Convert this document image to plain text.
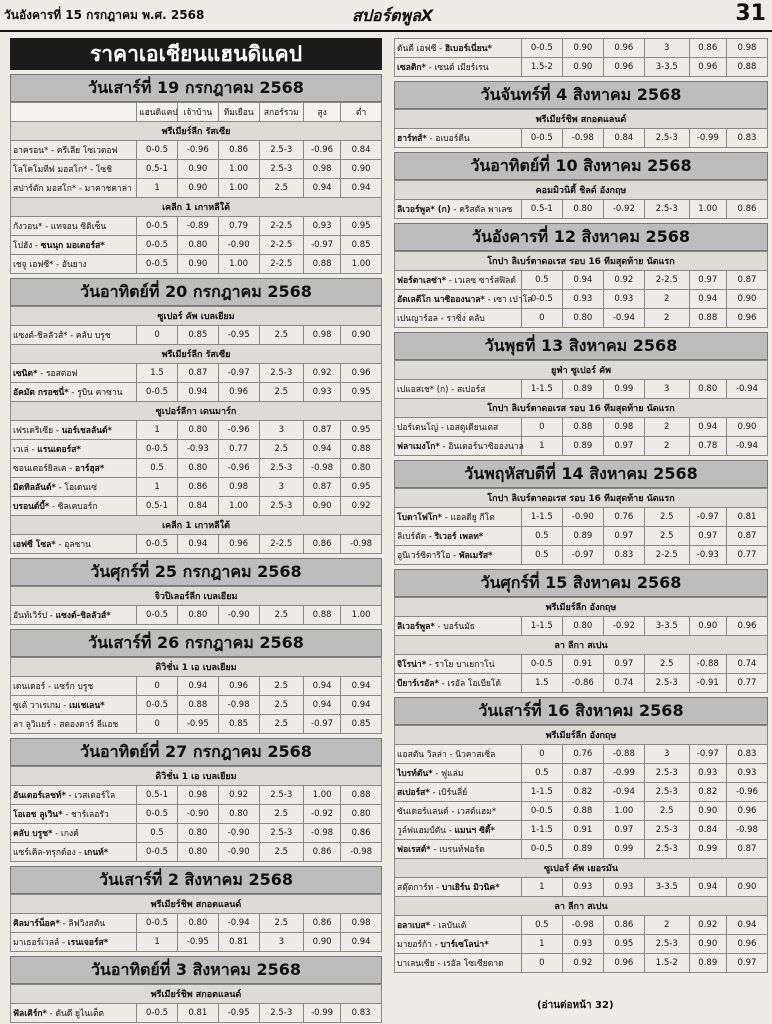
วันอังคารที่ 15 กรกฎาคม พ.ศ. 2568	สปอร์ตพูลX	31
ราคาเอเชียนแฮนดิแคป
วันเสาร์ที่ 19 กรกฎาคม 2568
	แฮนดิแคป	เจ้าบ้าน	ทีมเยือน	สกอร์รวม	สูง	ต่ำ
พรีเมียร์ลีก รัสเซีย						
อาครอน* - ครีเลีย โซเวตอฟ	0-0.5	-0.96	0.86	2.5-3	-0.96	0.84
โลโคโมทีฟ มอสโก* - โซชิ	0.5-1	0.90	1.00	2.5-3	0.98	0.90
สปาร์ตัก มอสโก* - มาคาชคาล่า	1	0.90	1.00	2.5	0.94	0.94
เคลีก 1 เกาหลีใต้						
กังวอน* - แทจอน ซิติเซ็น	0-0.5	-0.89	0.79	2-2.5	0.93	0.95
โปฮัง - ซนนุก มอเตอร์ส*	0-0.5	0.80	-0.90	2-2.5	-0.97	0.85
เชจู เอฟซี* - อันยาง	0-0.5	0.90	1.00	2-2.5	0.88	1.00
วันอาทิตย์ที่ 20 กรกฎาคม 2568
ซูเปอร์ คัพ เบลเยียม						
แซงต์-ชิลลัวส์* - คลับ บรูช	0	0.85	-0.95	2.5	0.98	0.90
พรีเมียร์ลีก รัสเซีย						
เซนิต* - รอสตอฟ	1.5	0.87	-0.97	2.5-3	0.92	0.96
อัคมัต กรอซนี่* - รูบิน คาซาน	0-0.5	0.94	0.96	2.5	0.93	0.95
ซูเปอร์ลีกา เดนมาร์ก						
เฟรเดริเซีย - นอร์เชลลันด์*	1	0.80	-0.96	3	0.87	0.95
เวเล่ - แรนเดอร์ส*	0-0.5	-0.93	0.77	2.5	0.94	0.88
ซอนเดอร์ยิลเค - อาร์ฮุส*	0.5	0.80	-0.96	2.5-3	-0.98	0.80
มิดทิลลันด์* - โอเดนเซ่	1	0.86	0.98	3	0.87	0.95
บรอนด์บี้* - ซิลเคบอร์ก	0.5-1	0.84	1.00	2.5-3	0.90	0.92
เคลีก 1 เกาหลีใต้						
เอฟซี โซล* - อุลซาน	0-0.5	0.94	0.96	2-2.5	0.86	-0.98
วันศุกร์ที่ 25 กรกฎาคม 2568
จิวปิเลอร์ลีก เบลเยียม
อันท์เวิร์ป - แซงต์-ชิลลัวส์*	0-0.5	0.80	-0.90	2.5	0.88	1.00
วันเสาร์ที่ 26 กรกฎาคม 2568
ดิวิชั่น 1 เอ เบลเยียม						
เดนเดอร์ - แซร์ก บรูช	0	0.94	0.96	2.5	0.94	0.94
ซูเต้ วาเรเกม - เมเชเลน*	0-0.5	0.88	-0.98	2.5	0.94	0.94
ลา ลูวิแยร์ - สตองดาร์ ลีแอช	0	-0.95	0.85	2.5	-0.97	0.85
วันอาทิตย์ที่ 27 กรกฎาคม 2568
ดิวิชั่น 1 เอ เบลเยียม						
อันเดอร์เลชท์* - เวสเตอร์โล	0.5-1	0.98	0.92	2.5-3	1.00	0.88
โอเอช ลูเวิน* - ชาร์เลอรัว	0-0.5	-0.90	0.80	2.5	-0.92	0.80
คลับ บรูช* - เกงค์	0.5	0.80	-0.90	2.5-3	-0.98	0.86
แซร์เคิล-ทรุกด์อง - เกนท์*	0-0.5	0.80	-0.90	2.5	0.86	-0.98
วันเสาร์ที่ 2 สิงหาคม 2568
พรีเมียร์ชิพ สกอตแลนด์						
คิลมาร์น็อค* - ลิฟวิงสตัน	0-0.5	0.80	-0.94	2.5	0.86	0.98
มาเธอร์เวลล์ - เรนเจอร์ส*	1	-0.95	0.81	3	0.90	0.94
วันอาทิตย์ที่ 3 สิงหาคม 2568
พรีเมียร์ชิพ สกอตแลนด์
ฟัลเคิร์ก* - ดันดี ยูไนเต็ด	0-0.5	0.81	-0.95	2.5-3	-0.99	0.83
ดันดี เอฟซี - ฮิเบอร์เนี่ยน*	0-0.5	0.90	0.96	3	0.86	0.98
เซลติก* - เซนต์ เมียร์เรน	1.5-2	0.90	0.96	3-3.5	0.96	0.88
วันจันทร์ที่ 4 สิงหาคม 2568
พรีเมียร์ชิพ สกอตแลนด์
ฮาร์ทส์* - อเบอร์ดีน	0-0.5	-0.98	0.84	2.5-3	-0.99	0.83
วันอาทิตย์ที่ 10 สิงหาคม 2568
คอมมิวนิตี้ ชิลด์ อังกฤษ
ลิเวอร์พูล* (ก) - คริสตัล พาเลซ	0.5-1	0.80	-0.92	2.5-3	1.00	0.86
วันอังคารที่ 12 สิงหาคม 2568
โกปา ลิเบร์ตาดอเรส รอบ 16 ทีมสุดท้าย นัดแรก						
ฟอร์ตาเลซ่า* - เวเลซ ซาร์สฟิลด์	0.5	0.94	0.92	2-2.5	0.97	0.87
อัตเลตีโก นาซิอองนาล* - เซา เปาโล	0-0.5	0.93	0.93	2	0.94	0.90
เปนญาร์อล - ราซิ่ง คลับ	0	0.80	-0.94	2	0.88	0.96
วันพุธที่ 13 สิงหาคม 2568
ยูฟ่า ซูเปอร์ คัพ						
เปแอสเช* (ก) - สเปอร์ส	1-1.5	0.89	0.99	3	0.80	-0.94
โกปา ลิเบร์ตาดอเรส รอบ 16 ทีมสุดท้าย นัดแรก						
ปอร์เตนโญ่ - เอสตูเดียนเตส	0	0.88	0.98	2	0.94	0.90
ฟลาเมงโก* - อินเตอร์นาซิอองนาล	1	0.89	0.97	2	0.78	-0.94
วันพฤหัสบดีที่ 14 สิงหาคม 2568
โกปา ลิเบร์ตาดอเรส รอบ 16 ทีมสุดท้าย นัดแรก						
โบตาโฟโก* - แอลดียู กีโต	1-1.5	-0.90	0.76	2.5	-0.97	0.81
ลิเบร์ตัด - ริเวอร์ เพลท*	0.5	0.89	0.97	2.5	0.97	0.87
อูนิเวร์ซิตาริโอ - พัลเมรัส*	0.5	-0.97	0.83	2-2.5	-0.93	0.77
วันศุกร์ที่ 15 สิงหาคม 2568
พรีเมียร์ลีก อังกฤษ						
ลิเวอร์พูล* - บอร์นมัธ	1-1.5	0.80	-0.92	3-3.5	0.90	0.96
ลา ลีกา สเปน						
จิโรน่า* - ราโย บาเยกาโน่	0-0.5	0.91	0.97	2.5	-0.88	0.74
บียาร์เรอัล* - เรอัล โอเบียโด้	1.5	-0.86	0.74	2.5-3	-0.91	0.77
วันเสาร์ที่ 16 สิงหาคม 2568
พรีเมียร์ลีก อังกฤษ						
แอสตัน วิลล่า - นิวคาสเซิ่ล	0	0.76	-0.88	3	-0.97	0.83
ไบรท์ตัน* - ฟูแล่ม	0.5	0.87	-0.99	2.5-3	0.93	0.93
สเปอร์ส* - เบิร์นลี่ย์	1-1.5	0.82	-0.94	2.5-3	0.82	-0.96
ซันเดอร์แลนด์ - เวสต์แฮม*	0-0.5	0.88	1.00	2.5	0.90	0.96
วูล์ฟแฮมป์ตัน - แมนฯ ซิตี้*	1-1.5	0.91	0.97	2.5-3	0.84	-0.98
ฟอเรสต์* - เบรนท์ฟอร์ด	0-0.5	0.89	0.99	2.5-3	0.99	0.87
ซูเปอร์ คัพ เยอรมัน						
สตุ๊ตการ์ท - บาเยิร์น มิวนิค*	1	0.93	0.93	3-3.5	0.94	0.90
ลา ลีกา สเปน						
อลาเบส* - เลบันเต้	0.5	-0.98	0.86	2	0.92	0.94
มายอร์ก้า - บาร์เซโลน่า*	1	0.93	0.95	2.5-3	0.90	0.96
บาเลนเซีย - เรอัล โซเซียดาด	0	0.92	0.96	1.5-2	0.89	0.97
(อ่านต่อหน้า 32)
